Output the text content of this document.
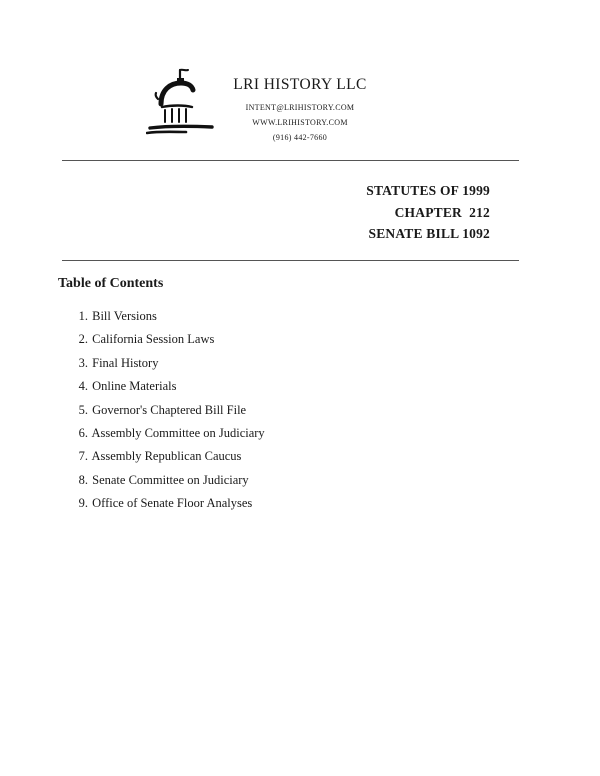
LRI HISTORY LLC
INTENT@LRIHISTORY.COM
WWW.LRIHISTORY.COM
(916) 442-7660
STATUTES OF 1999
CHAPTER  212
SENATE BILL 1092
Table of Contents
1. Bill Versions
2. California Session Laws
3. Final History
4. Online Materials
5. Governor's Chaptered Bill File
6. Assembly Committee on Judiciary
7. Assembly Republican Caucus
8. Senate Committee on Judiciary
9. Office of Senate Floor Analyses
